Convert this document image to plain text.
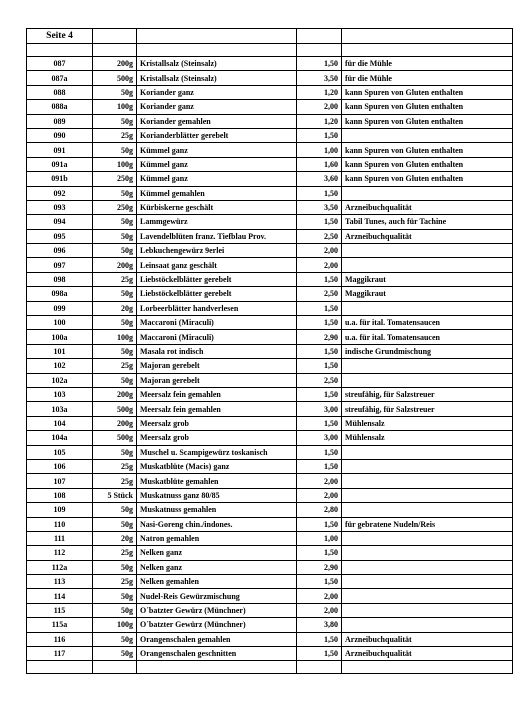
Seite 4				

087	200g	Kristallsalz (Steinsalz)	1,50	für die Mühle
087a	500g	Kristallsalz (Steinsalz)	3,50	für die Mühle
088	50g	Koriander ganz	1,20	kann Spuren von Gluten enthalten
088a	100g	Koriander ganz	2,00	kann Spuren von Gluten enthalten
089	50g	Koriander gemahlen	1,20	kann Spuren von Gluten enthalten
090	25g	Korianderblätter gerebelt	1,50	
091	50g	Kümmel ganz	1,00	kann Spuren von Gluten enthalten
091a	100g	Kümmel ganz	1,60	kann Spuren von Gluten enthalten
091b	250g	Kümmel ganz	3,60	kann Spuren von Gluten enthalten
092	50g	Kümmel gemahlen	1,50	
093	250g	Kürbiskerne geschält	3,50	Arzneibuchqualität
094	50g	Lammgewürz	1,50	Tabil Tunes, auch für Tachine
095	50g	Lavendelblüten franz. Tiefblau Prov.	2,50	Arzneibuchqualität
096	50g	Lebkuchengewürz 9erlei	2,00	
097	200g	Leinsaat ganz geschält	2,00	
098	25g	Liebstöckelblätter gerebelt	1,50	Maggikraut
098a	50g	Liebstöckelblätter gerebelt	2,50	Maggikraut
099	20g	Lorbeerblätter handverlesen	1,50	
100	50g	Maccaroni (Miraculi)	1,50	u.a. für ital. Tomatensaucen
100a	100g	Maccaroni (Miraculi)	2,90	u.a. für ital. Tomatensaucen
101	50g	Masala rot indisch	1,50	indische Grundmischung
102	25g	Majoran gerebelt	1,50	
102a	50g	Majoran gerebelt	2,50	
103	200g	Meersalz fein gemahlen	1,50	streufähig, für Salzstreuer
103a	500g	Meersalz fein gemahlen	3,00	streufähig, für Salzstreuer
104	200g	Meersalz grob	1,50	Mühlensalz
104a	500g	Meersalz grob	3,00	Mühlensalz
105	50g	Muschel u. Scampigewürz toskanisch	1,50	
106	25g	Muskatblüte (Macis) ganz	1,50	
107	25g	Muskatblüte gemahlen	2,00	
108	5 Stück	Muskatnuss ganz 80/85	2,00	
109	50g	Muskatnuss gemahlen	2,80	
110	50g	Nasi-Goreng chin./indones.	1,50	für gebratene Nudeln/Reis
111	20g	Natron gemahlen	1,00	
112	25g	Nelken ganz	1,50	
112a	50g	Nelken ganz	2,90	
113	25g	Nelken gemahlen	1,50	
114	50g	Nudel-Reis Gewürzmischung	2,00	
115	50g	O´batzter Gewürz (Münchner)	2,00	
115a	100g	O´batzter Gewürz (Münchner)	3,80	
116	50g	Orangenschalen gemahlen	1,50	Arzneibuchqualität
117	50g	Orangenschalen geschnitten	1,50	Arzneibuchqualität
